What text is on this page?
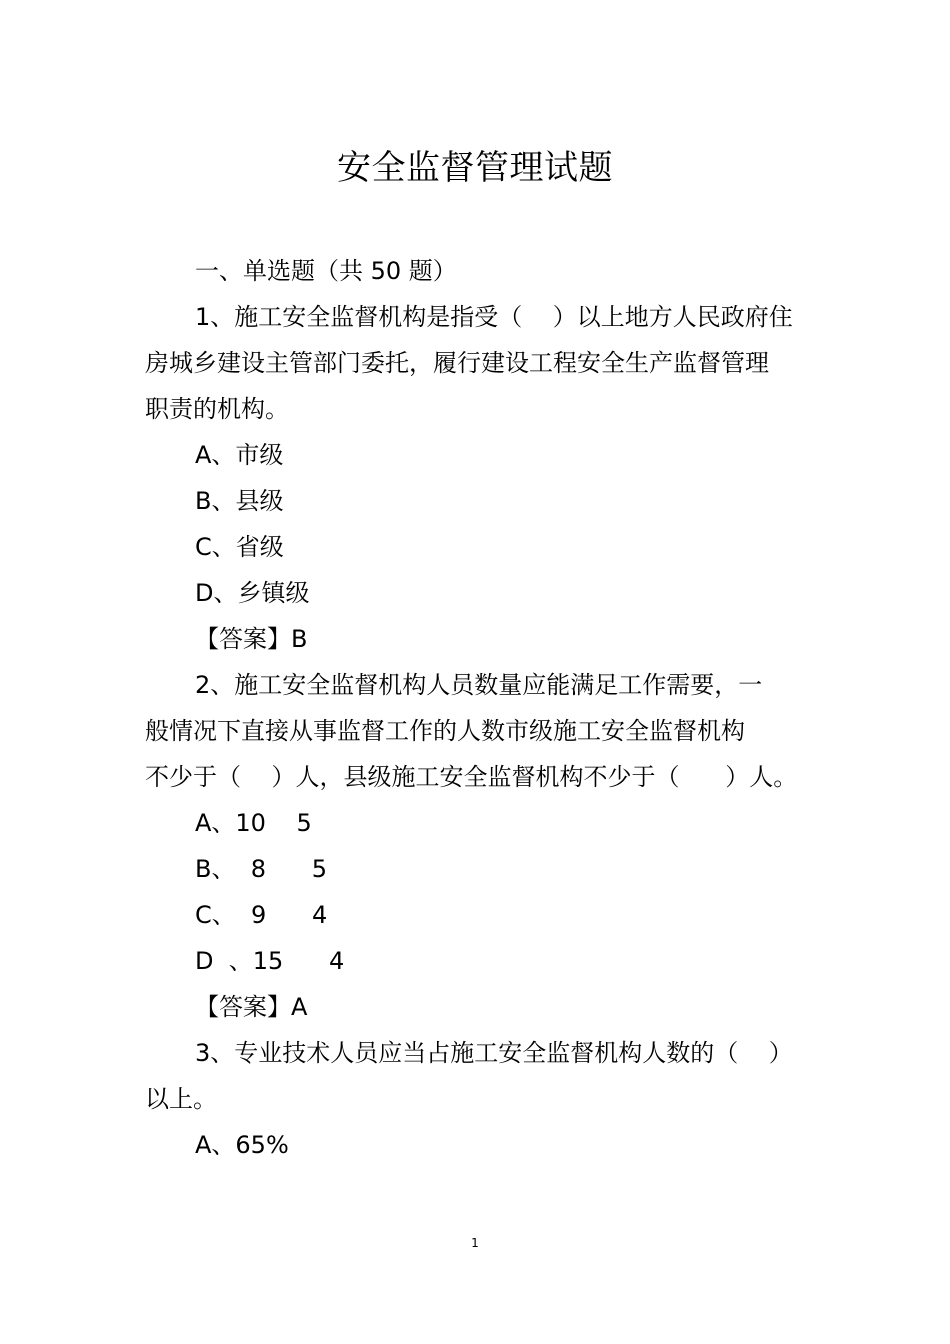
安全监督管理试题
一、单选题（共 50 题）
1、施工安全监督机构是指受（    ）以上地方人民政府住
房城乡建设主管部门委托，履行建设工程安全生产监督管理
职责的机构。
A、市级
B、县级
C、省级
D、乡镇级
【答案】B
2、施工安全监督机构人员数量应能满足工作需要，一
般情况下直接从事监督工作的人数市级施工安全监督机构
不少于（    ）人，县级施工安全监督机构不少于（      ）人。
A、10    5
B、  8      5
C、  9      4
D  、15      4
【答案】A
3、专业技术人员应当占施工安全监督机构人数的（    ）
以上。
A、65%
1
